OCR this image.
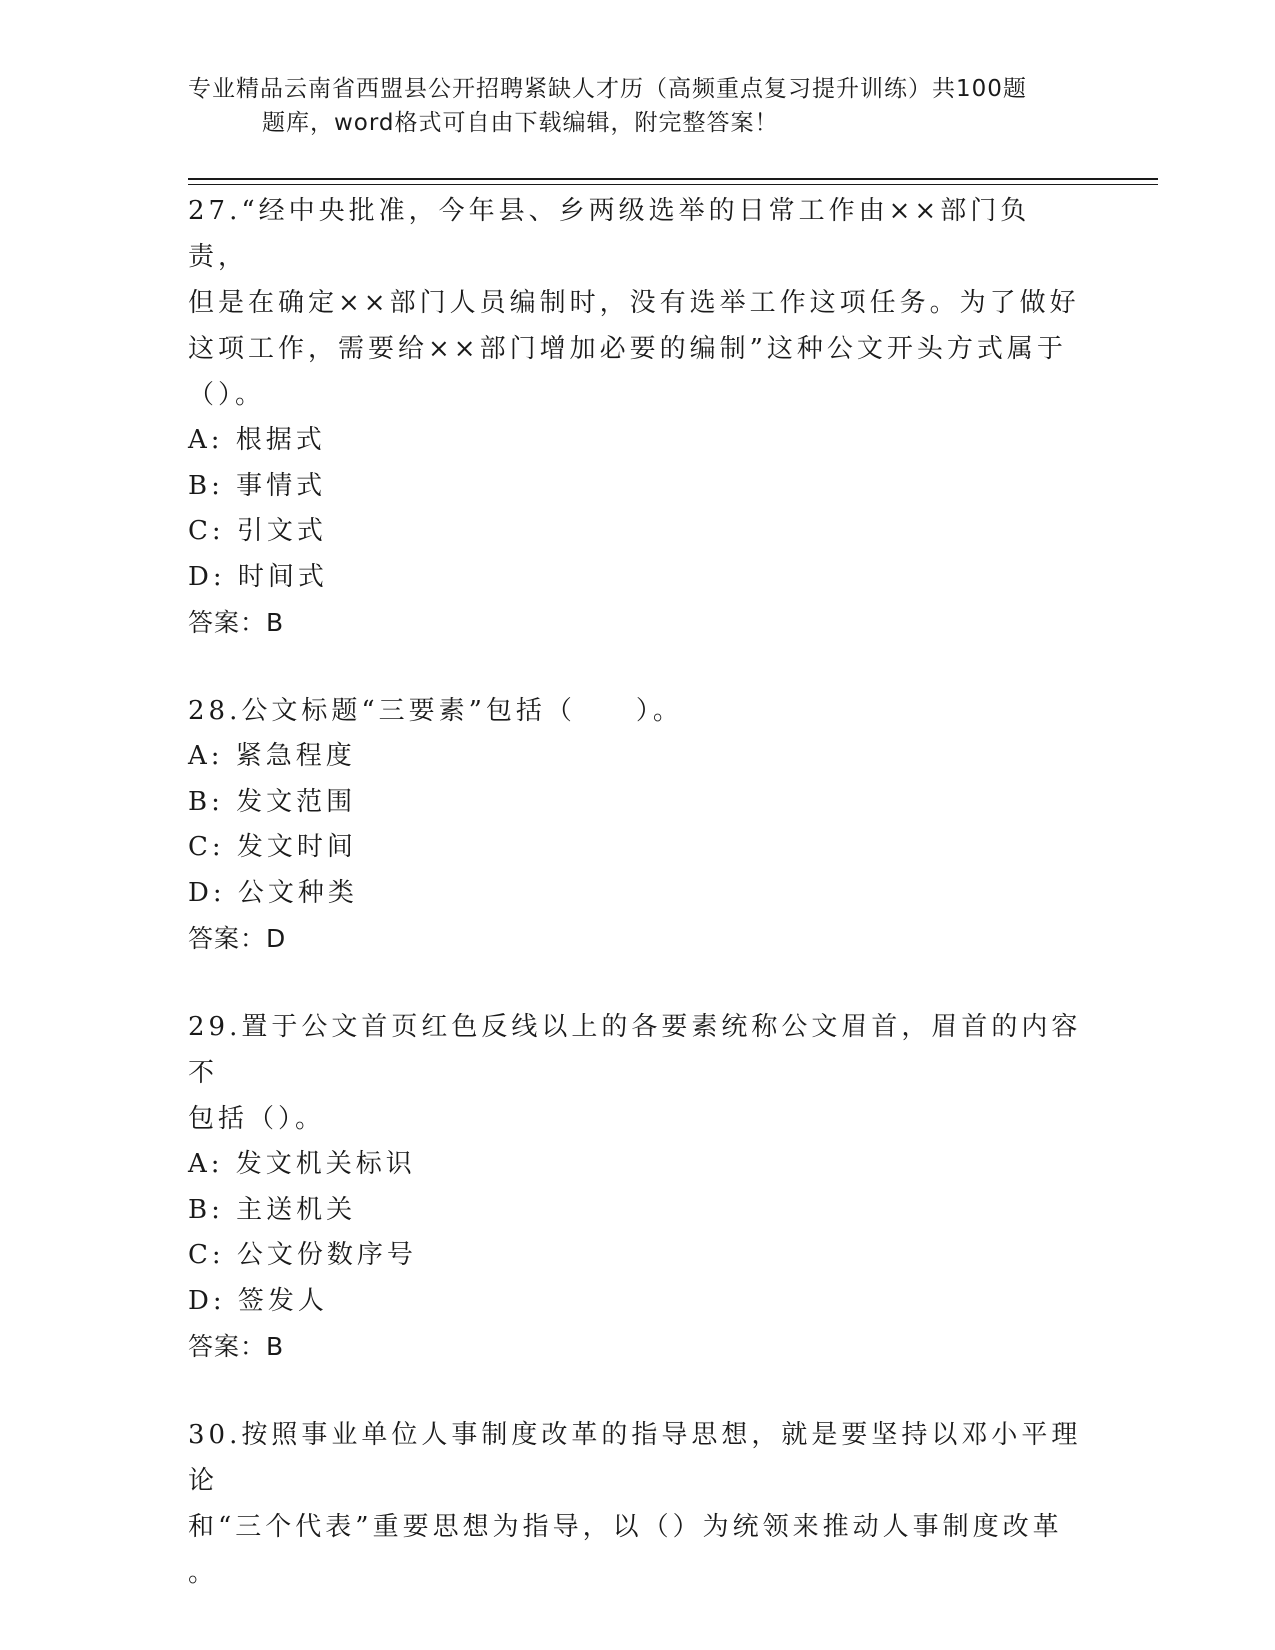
专业精品云南省西盟县公开招聘紧缺人才历（高频重点复习提升训练）共100题
题库，word格式可自由下载编辑，附完整答案！

27.“经中央批准，今年县、乡两级选举的日常工作由××部门负责，

但是在确定××部门人员编制时，没有选举工作这项任务。为了做好

这项工作，需要给××部门增加必要的编制”这种公文开头方式属于

（）。

A: 根据式

B: 事情式

C: 引文式

D: 时间式

答案：B

28.公文标题“三要素”包括（　　）。

A: 紧急程度

B: 发文范围

C: 发文时间

D: 公文种类

答案：D

29.置于公文首页红色反线以上的各要素统称公文眉首，眉首的内容不

包括（）。

A: 发文机关标识

B: 主送机关

C: 公文份数序号

D: 签发人

答案：B

30.按照事业单位人事制度改革的指导思想，就是要坚持以邓小平理论

和“三个代表”重要思想为指导，以（）为统领来推动人事制度改革

。
